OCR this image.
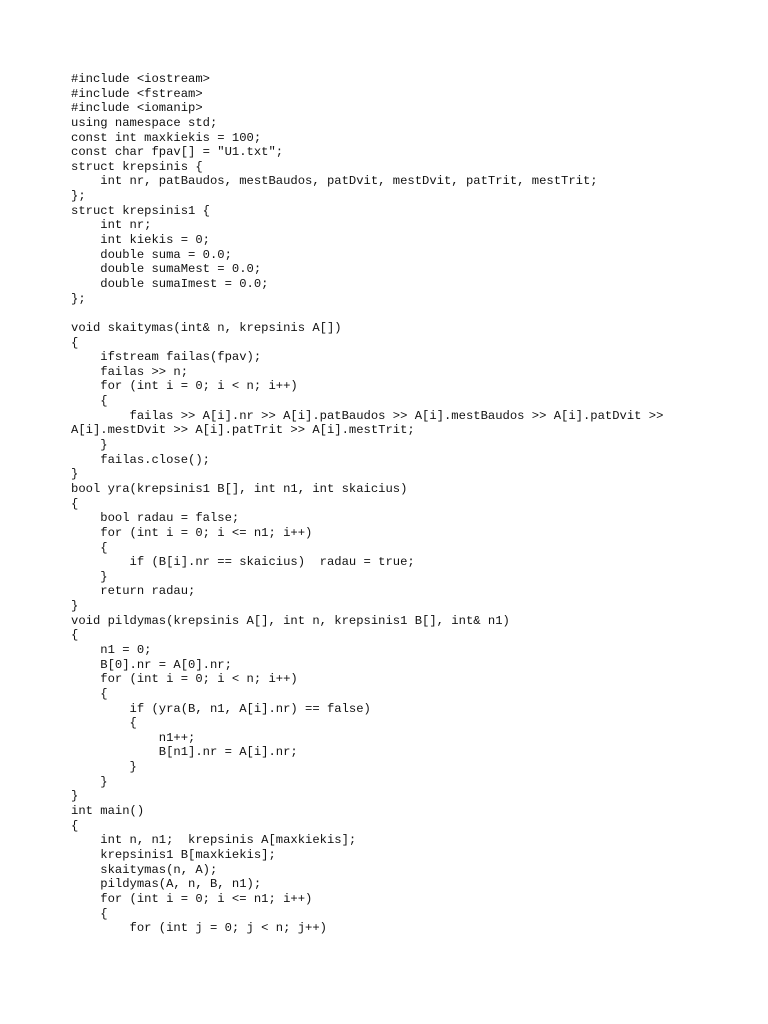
#include <iostream>
#include <fstream>
#include <iomanip>
using namespace std;
const int maxkiekis = 100;
const char fpav[] = "U1.txt";
struct krepsinis {
int nr, patBaudos, mestBaudos, patDvit, mestDvit, patTrit, mestTrit;
};
struct krepsinis1 {
int nr;
int kiekis = 0;
double suma = 0.0;
double sumaMest = 0.0;
double sumaImest = 0.0;
};
void skaitymas(int& n, krepsinis A[])
{
ifstream failas(fpav);
failas >> n;
for (int i = 0; i < n; i++)
{
failas >> A[i].nr >> A[i].patBaudos >> A[i].mestBaudos >> A[i].patDvit >>
A[i].mestDvit >> A[i].patTrit >> A[i].mestTrit;
}
failas.close();
}
bool yra(krepsinis1 B[], int n1, int skaicius)
{
bool radau = false;
for (int i = 0; i <= n1; i++)
{
if (B[i].nr == skaicius)  radau = true;
}
return radau;
}
void pildymas(krepsinis A[], int n, krepsinis1 B[], int& n1)
{
n1 = 0;
B[0].nr = A[0].nr;
for (int i = 0; i < n; i++)
{
if (yra(B, n1, A[i].nr) == false)
{
n1++;
B[n1].nr = A[i].nr;
}
}
}
int main()
{
int n, n1;  krepsinis A[maxkiekis];
krepsinis1 B[maxkiekis];
skaitymas(n, A);
pildymas(A, n, B, n1);
for (int i = 0; i <= n1; i++)
{
for (int j = 0; j < n; j++)
